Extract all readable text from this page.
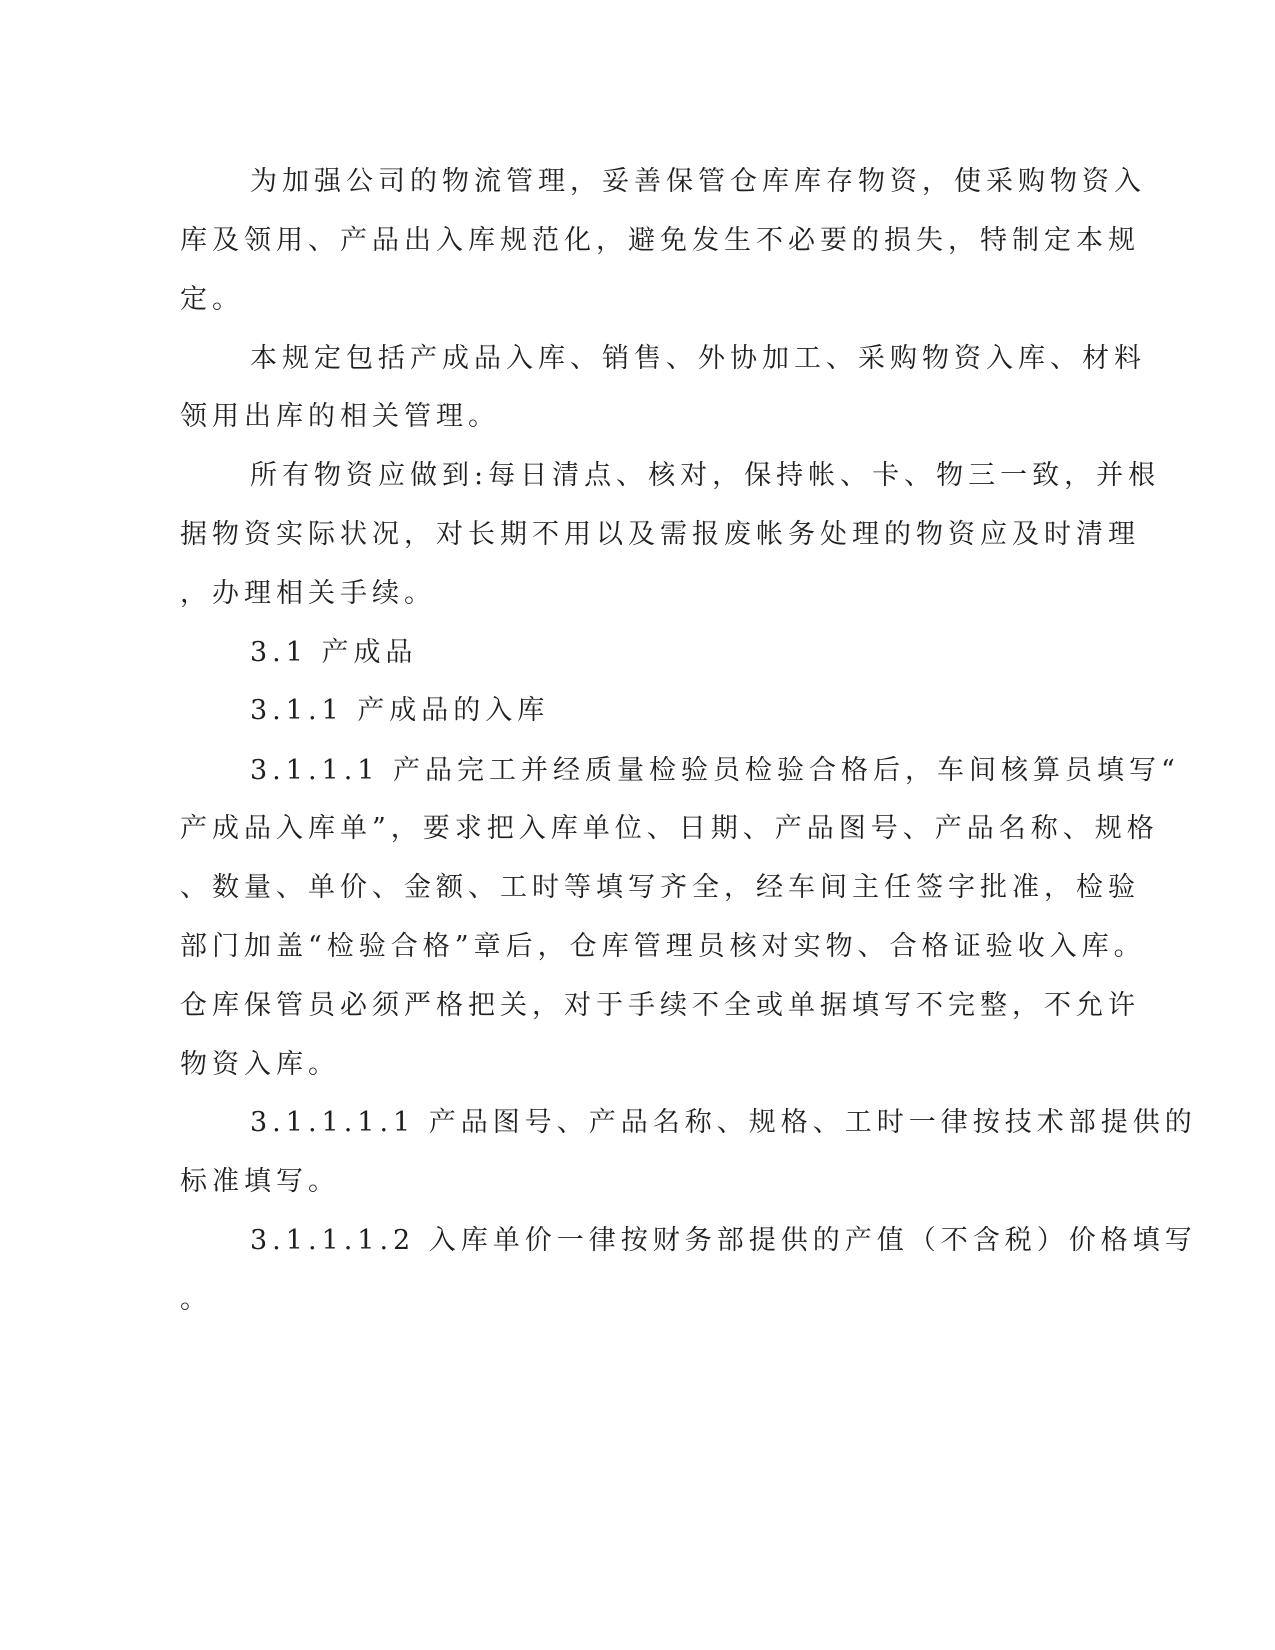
为加强公司的物流管理，妥善保管仓库库存物资，使采购物资入
库及领用、产品出入库规范化，避免发生不必要的损失，特制定本规
定。
本规定包括产成品入库、销售、外协加工、采购物资入库、材料
领用出库的相关管理。
所有物资应做到:每日清点、核对，保持帐、卡、物三一致，并根
据物资实际状况，对长期不用以及需报废帐务处理的物资应及时清理
，办理相关手续。
3.1 产成品
3.1.1 产成品的入库
3.1.1.1 产品完工并经质量检验员检验合格后，车间核算员填写“
产成品入库单”，要求把入库单位、日期、产品图号、产品名称、规格
、数量、单价、金额、工时等填写齐全，经车间主任签字批准，检验
部门加盖“检验合格”章后，仓库管理员核对实物、合格证验收入库。
仓库保管员必须严格把关，对于手续不全或单据填写不完整，不允许
物资入库。
3.1.1.1.1 产品图号、产品名称、规格、工时一律按技术部提供的
标准填写。
3.1.1.1.2 入库单价一律按财务部提供的产值（不含税）价格填写
。
